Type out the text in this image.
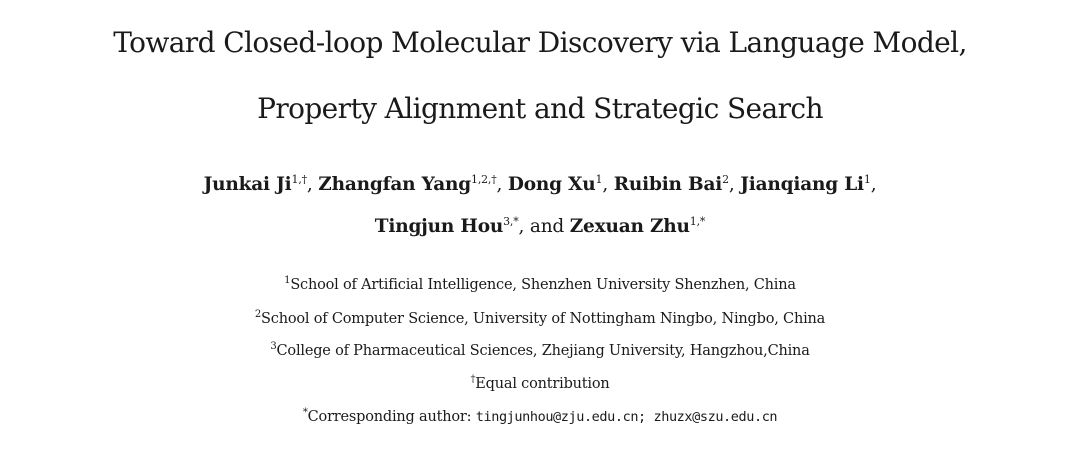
Toward Closed-loop Molecular Discovery via Language Model,
Property Alignment and Strategic Search
Junkai $Ji^{1,\dagger}$, Zhangfan Yang$^{1,2,\dagger}$, Dong Xu$^1$, Ruibin Bai$^2$, Jianqiang Li$^1$,
Tingjun Hou$^{3,*}$, and Zexuan Zhu$^{1,*}$
$^1$School of Artificial Intelligence, Shenzhen University Shenzhen, China
$^2$School of Computer Science, University of Nottingham Ningbo, Ningbo, China
$^3$College of Pharmaceutical Sciences, Zhejiang University, Hangzhou,China
†Equal contribution
*Corresponding author: tingjunhou@zju.edu.cn; zhuzx@szu.edu.cn
